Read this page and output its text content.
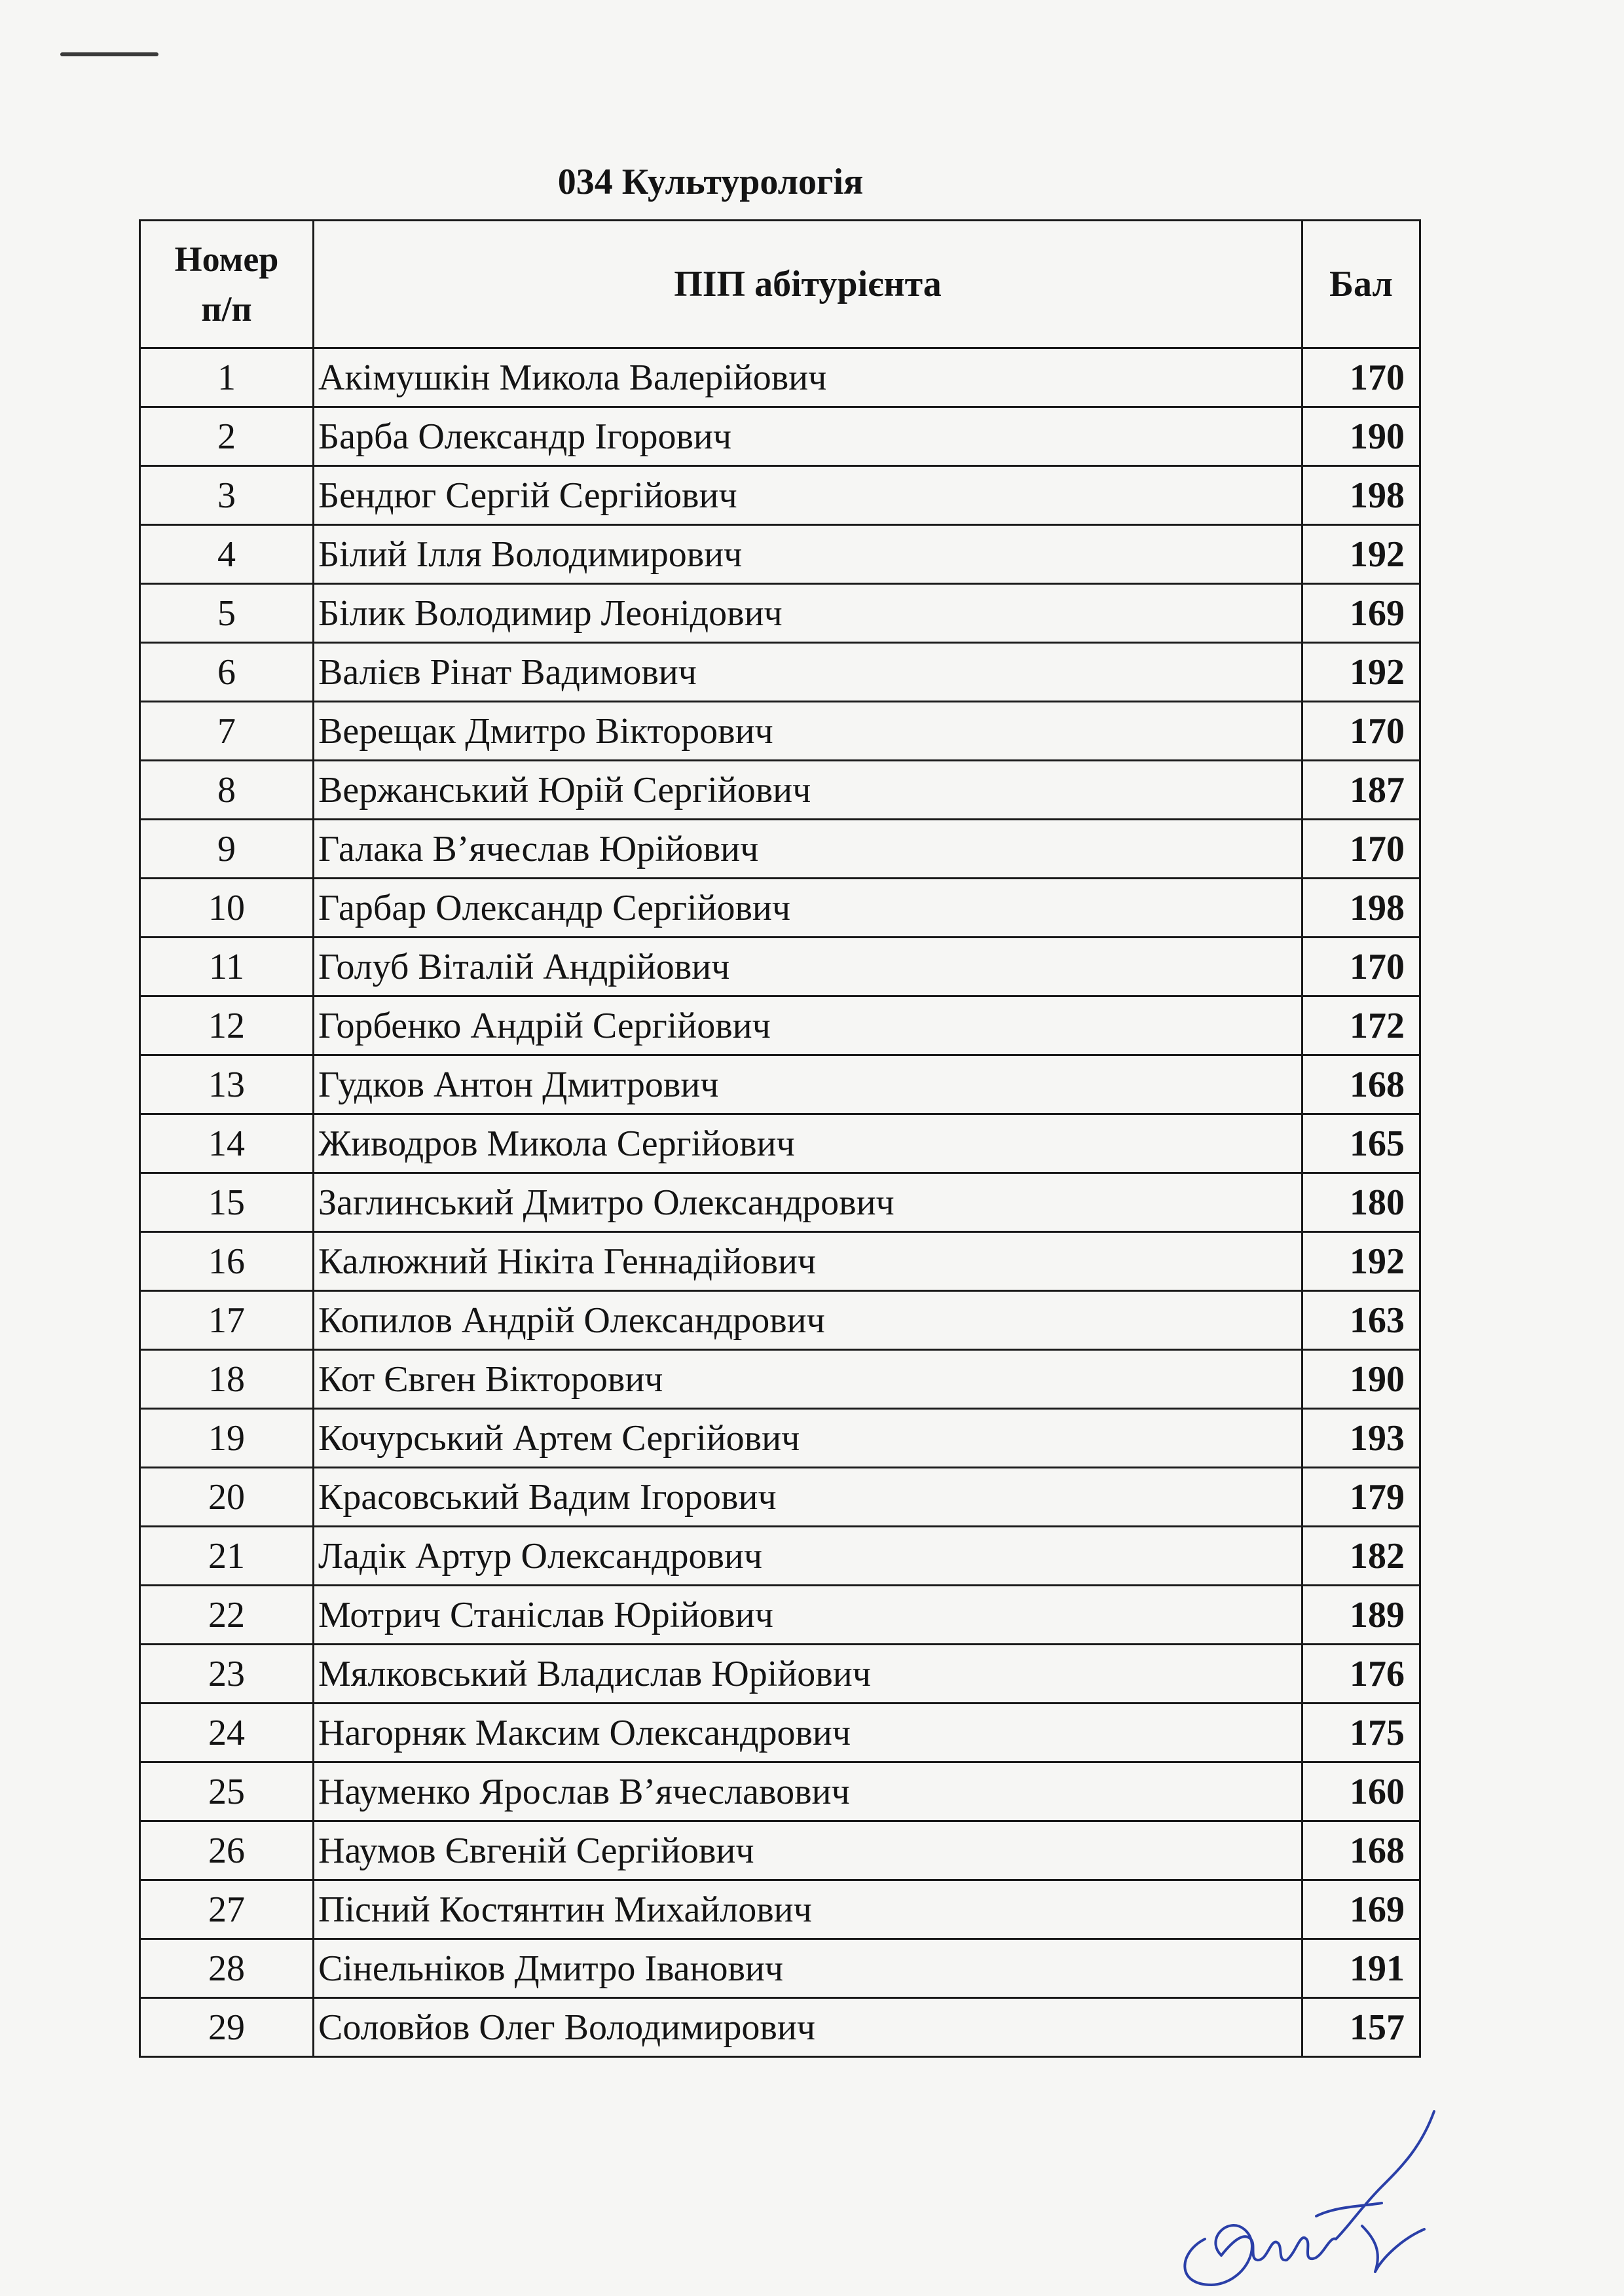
034 Культурологія
Номер
п/п	ПІП абітурієнта	Бал
1	Акімушкін Микола Валерійович	170
2	Барба Олександр Ігорович	190
3	Бендюг Сергій Сергійович	198
4	Білий Ілля Володимирович	192
5	Білик Володимир Леонідович	169
6	Валієв Рінат Вадимович	192
7	Верещак Дмитро Вікторович	170
8	Вержанський Юрій Сергійович	187
9	Галака В’ячеслав Юрійович	170
10	Гарбар Олександр Сергійович	198
11	Голуб Віталій Андрійович	170
12	Горбенко Андрій Сергійович	172
13	Гудков Антон Дмитрович	168
14	Живодров Микола Сергійович	165
15	Заглинський Дмитро Олександрович	180
16	Калюжний Нікіта Геннадійович	192
17	Копилов Андрій Олександрович	163
18	Кот Євген Вікторович	190
19	Кочурський Артем Сергійович	193
20	Красовський Вадим Ігорович	179
21	Ладік Артур Олександрович	182
22	Мотрич Станіслав Юрійович	189
23	Мялковський Владислав Юрійович	176
24	Нагорняк Максим Олександрович	175
25	Науменко Ярослав В’ячеславович	160
26	Наумов Євгеній Сергійович	168
27	Пісний Костянтин Михайлович	169
28	Сінельніков Дмитро Іванович	191
29	Соловйов Олег Володимирович	157
